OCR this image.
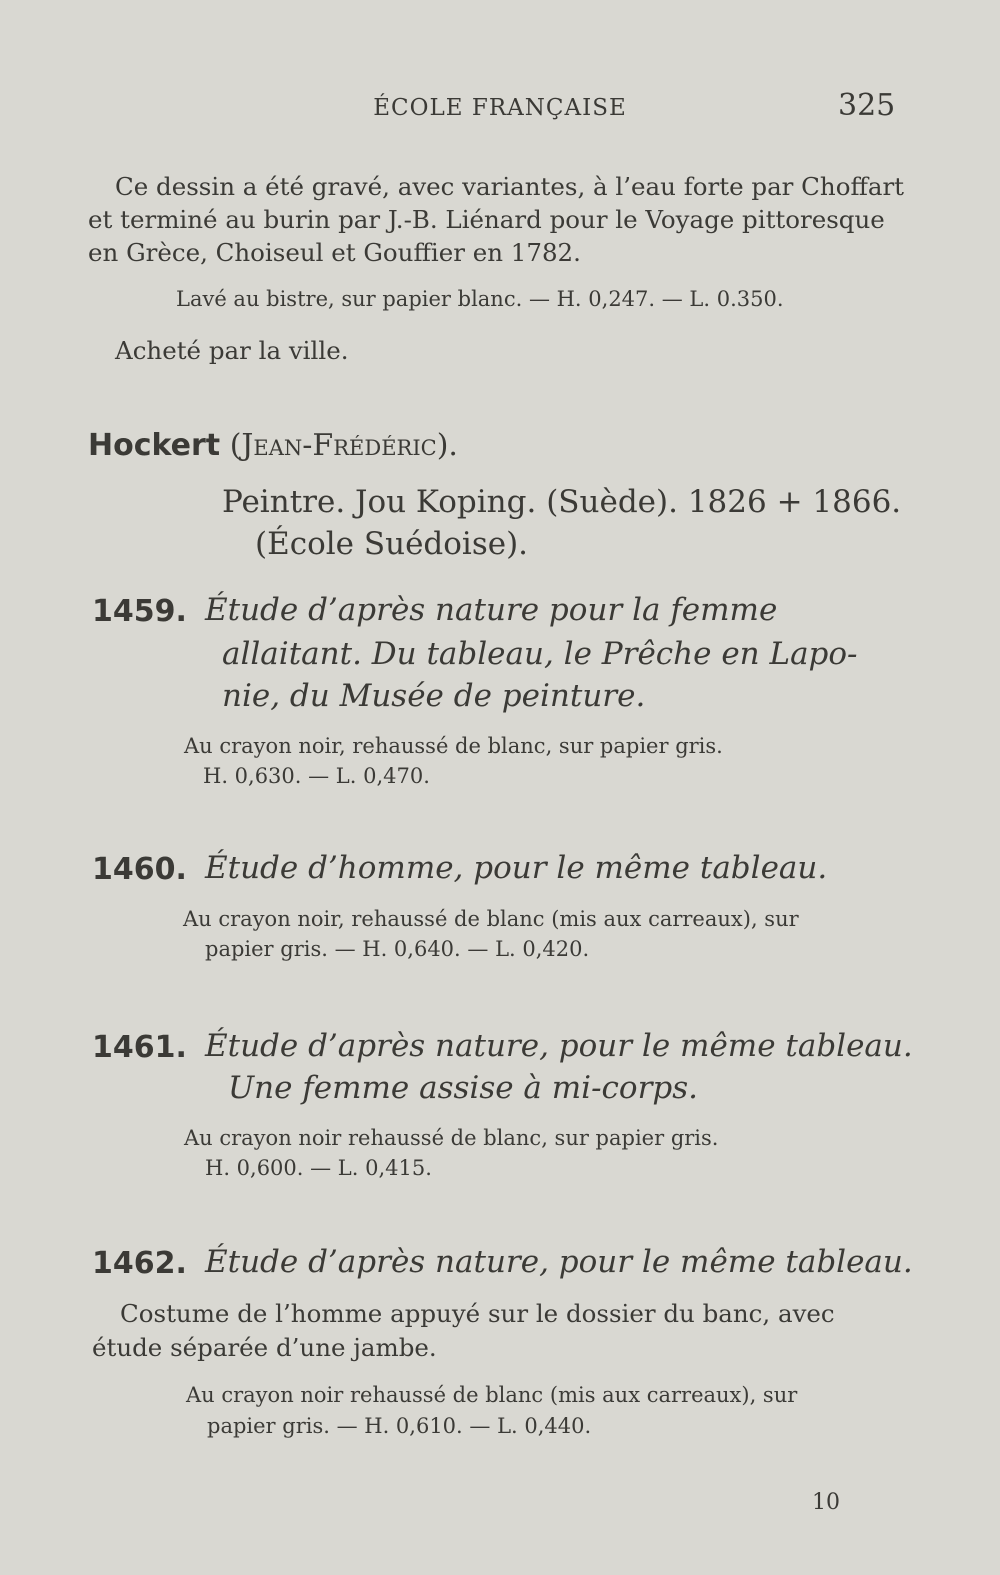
ÉCOLE FRANÇAISE	325
Ce dessin a été gravé, avec variantes, à l’eau forte par Choffart
et terminé au burin par J.-B. Liénard pour le Voyage pittoresque
en Grèce, Choiseul et Gouffier en 1782.
Lavé au bistre, sur papier blanc. — H. 0,247. — L. 0.350.
Acheté par la ville.
Hockert (Jean-Frédéric).
Peintre. Jou Koping. (Suède). 1826 + 1866.
(École Suédoise).
1459. Étude d’après nature pour la femme
allaitant. Du tableau, le Prêche en Lapo-
nie, du Musée de peinture.
Au crayon noir, rehaussé de blanc, sur papier gris.
H. 0,630. — L. 0,470.
1460. Étude d’homme, pour le même tableau.
Au crayon noir, rehaussé de blanc (mis aux carreaux), sur
papier gris. — H. 0,640. — L. 0,420.
1461. Étude d’après nature, pour le même tableau.
Une femme assise à mi-corps.
Au crayon noir rehaussé de blanc, sur papier gris.
H. 0,600. — L. 0,415.
1462. Étude d’après nature, pour le même tableau.
Costume de l’homme appuyé sur le dossier du banc, avec
étude séparée d’une jambe.
Au crayon noir rehaussé de blanc (mis aux carreaux), sur
papier gris. — H. 0,610. — L. 0,440.
10
